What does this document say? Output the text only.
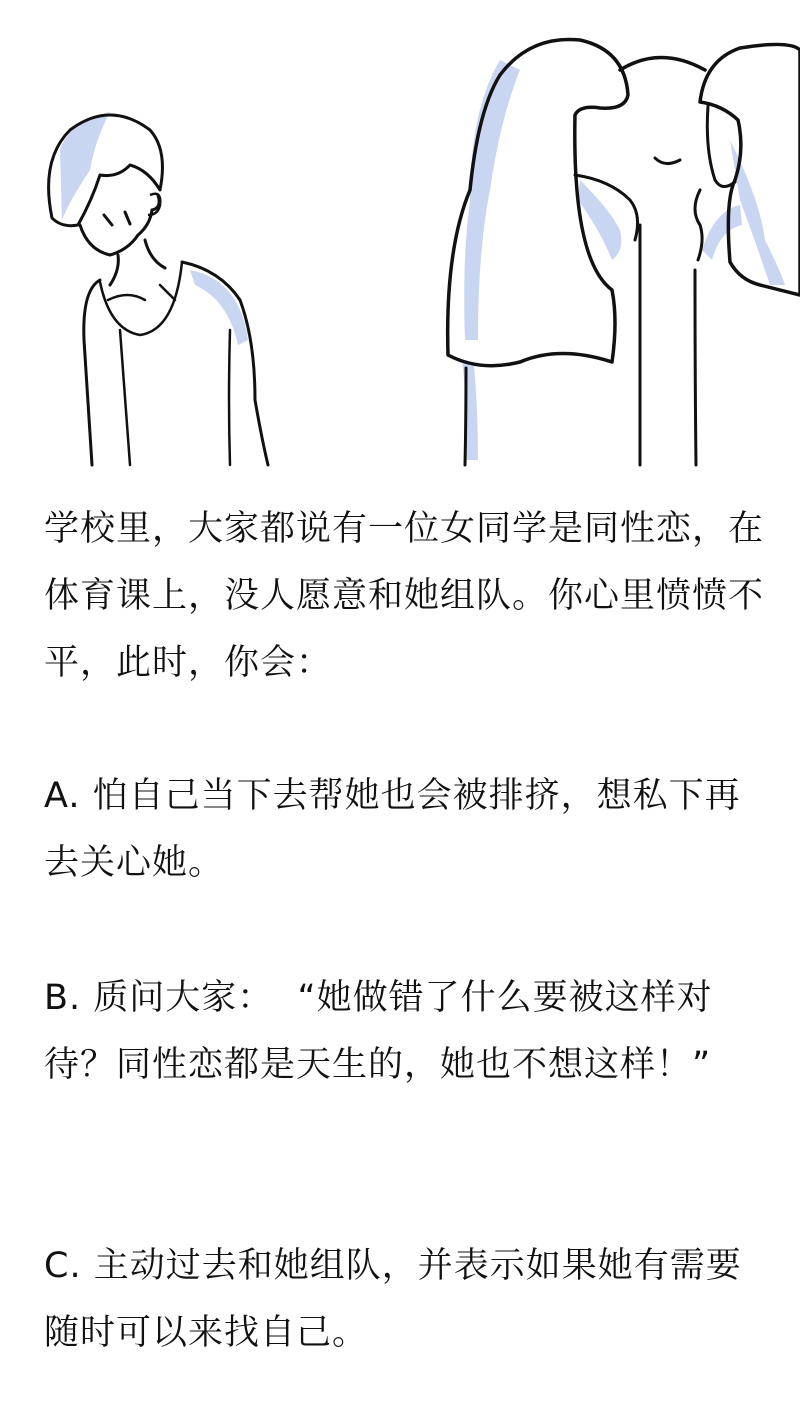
学校里，大家都说有一位女同学是同性恋，在体育课上，没人愿意和她组队。你心里愤愤不平，此时，你会：

A. 怕自己当下去帮她也会被排挤，想私下再去关心她。

B. 质问大家：  “她做错了什么要被这样对待？同性恋都是天生的，她也不想这样！”

C. 主动过去和她组队，并表示如果她有需要随时可以来找自己。
